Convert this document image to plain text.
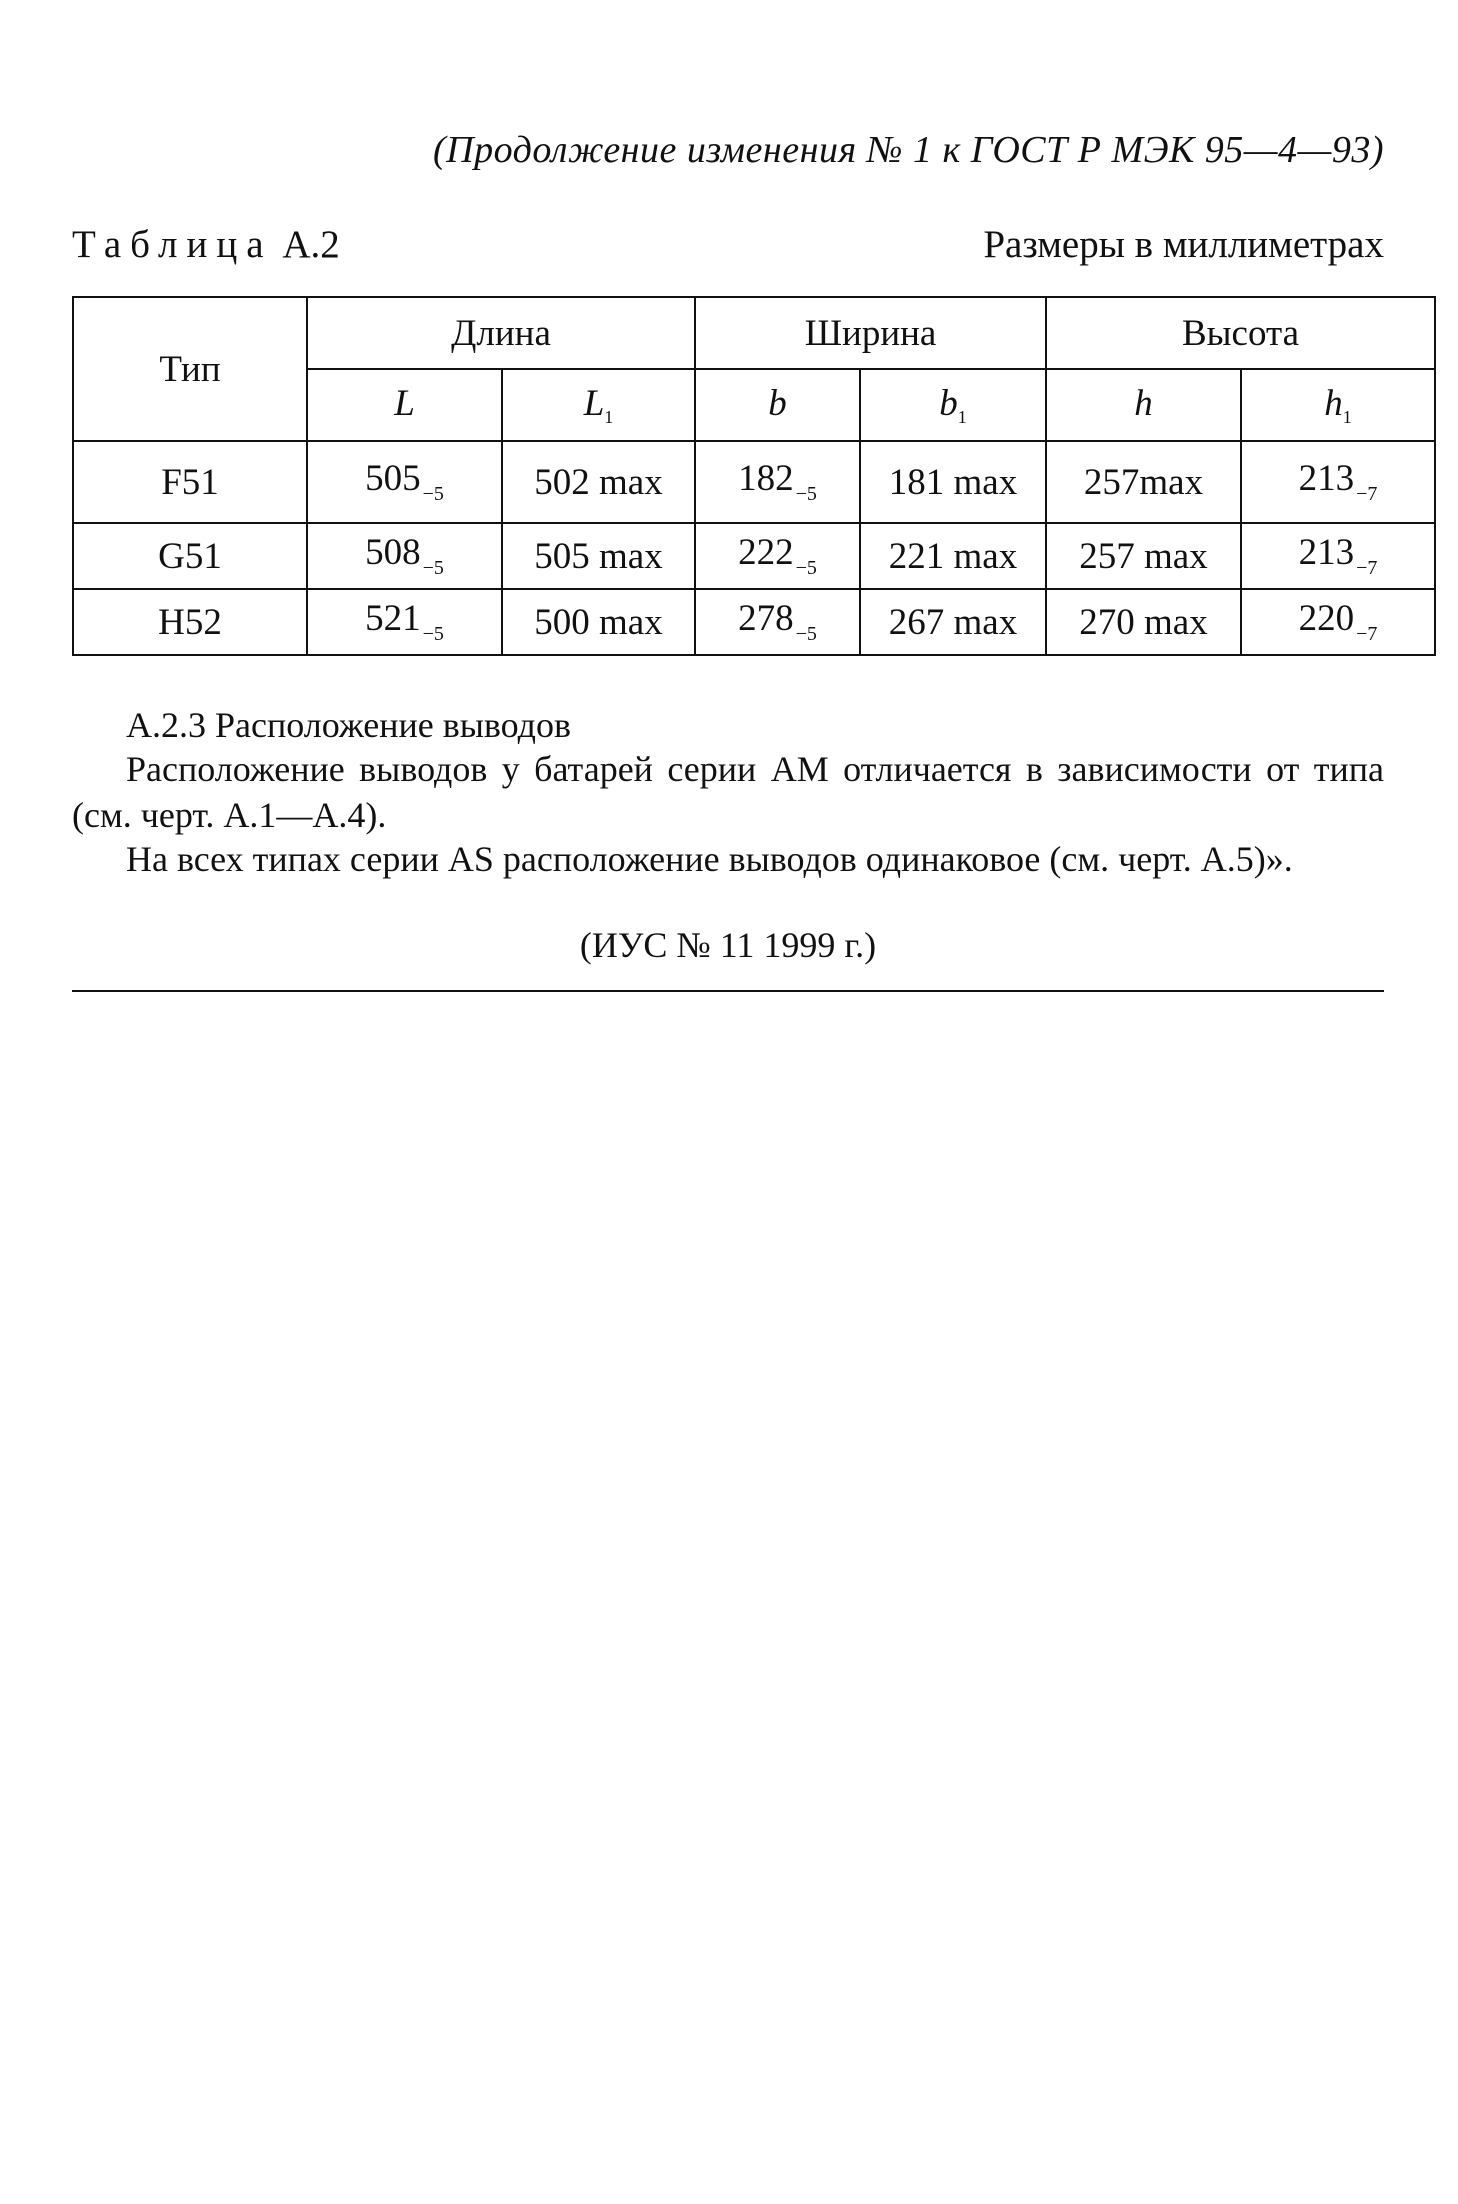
(Продолжение изменения № 1 к ГОСТ Р МЭК 95—4—93)
Таблица А.2	Размеры в миллиметрах
Тип	Длина		Ширина		Высота	
	L	$L_1$	b	$b_1$	h	$h_1$
F51	505 $_{-5}$	502 max	182 $_{-5}$	181 max	257max	213 $_{-7}$
G51	508 $_{-5}$	505 max	222 $_{-5}$	221 max	257 max	213 $_{-7}$
H52	521 $_{-5}$	500 max	278 $_{-5}$	267 max	270 max	220 $_{-7}$
А.2.3 Расположение выводов
Расположение выводов у батарей серии АМ отличается в зависимости от типа (см. черт. А.1—А.4).
На всех типах серии AS расположение выводов одинаковое (см. черт. А.5)».
(ИУС № 11 1999 г.)
